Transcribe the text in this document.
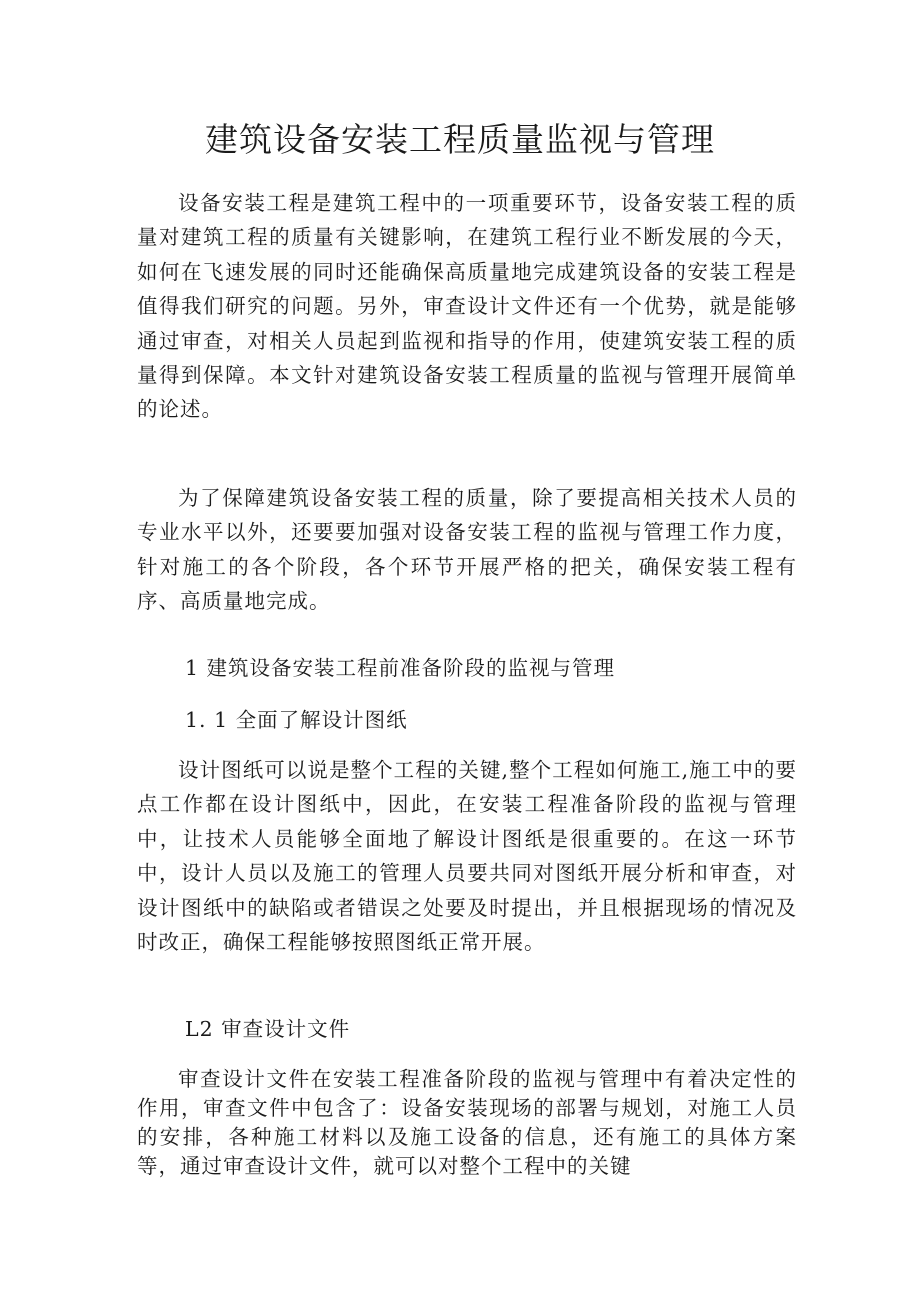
建筑设备安装工程质量监视与管理

设备安装工程是建筑工程中的一项重要环节，设备安装工程的质量对建筑工程的质量有关键影响，在建筑工程行业不断发展的今天，如何在飞速发展的同时还能确保高质量地完成建筑设备的安装工程是值得我们研究的问题。另外，审查设计文件还有一个优势，就是能够通过审查，对相关人员起到监视和指导的作用，使建筑安装工程的质量得到保障。本文针对建筑设备安装工程质量的监视与管理开展简单的论述。

为了保障建筑设备安装工程的质量，除了要提高相关技术人员的专业水平以外，还要要加强对设备安装工程的监视与管理工作力度，针对施工的各个阶段，各个环节开展严格的把关，确保安装工程有序、高质量地完成。

1 建筑设备安装工程前准备阶段的监视与管理
1. 1 全面了解设计图纸

设计图纸可以说是整个工程的关键,整个工程如何施工,施工中的要点工作都在设计图纸中，因此，在安装工程准备阶段的监视与管理中，让技术人员能够全面地了解设计图纸是很重要的。在这一环节中，设计人员以及施工的管理人员要共同对图纸开展分析和审查，对设计图纸中的缺陷或者错误之处要及时提出，并且根据现场的情况及时改正，确保工程能够按照图纸正常开展。

L2 审查设计文件

审查设计文件在安装工程准备阶段的监视与管理中有着决定性的作用，审查文件中包含了：设备安装现场的部署与规划，对施工人员的安排，各种施工材料以及施工设备的信息，还有施工的具体方案等，通过审查设计文件，就可以对整个工程中的关键
